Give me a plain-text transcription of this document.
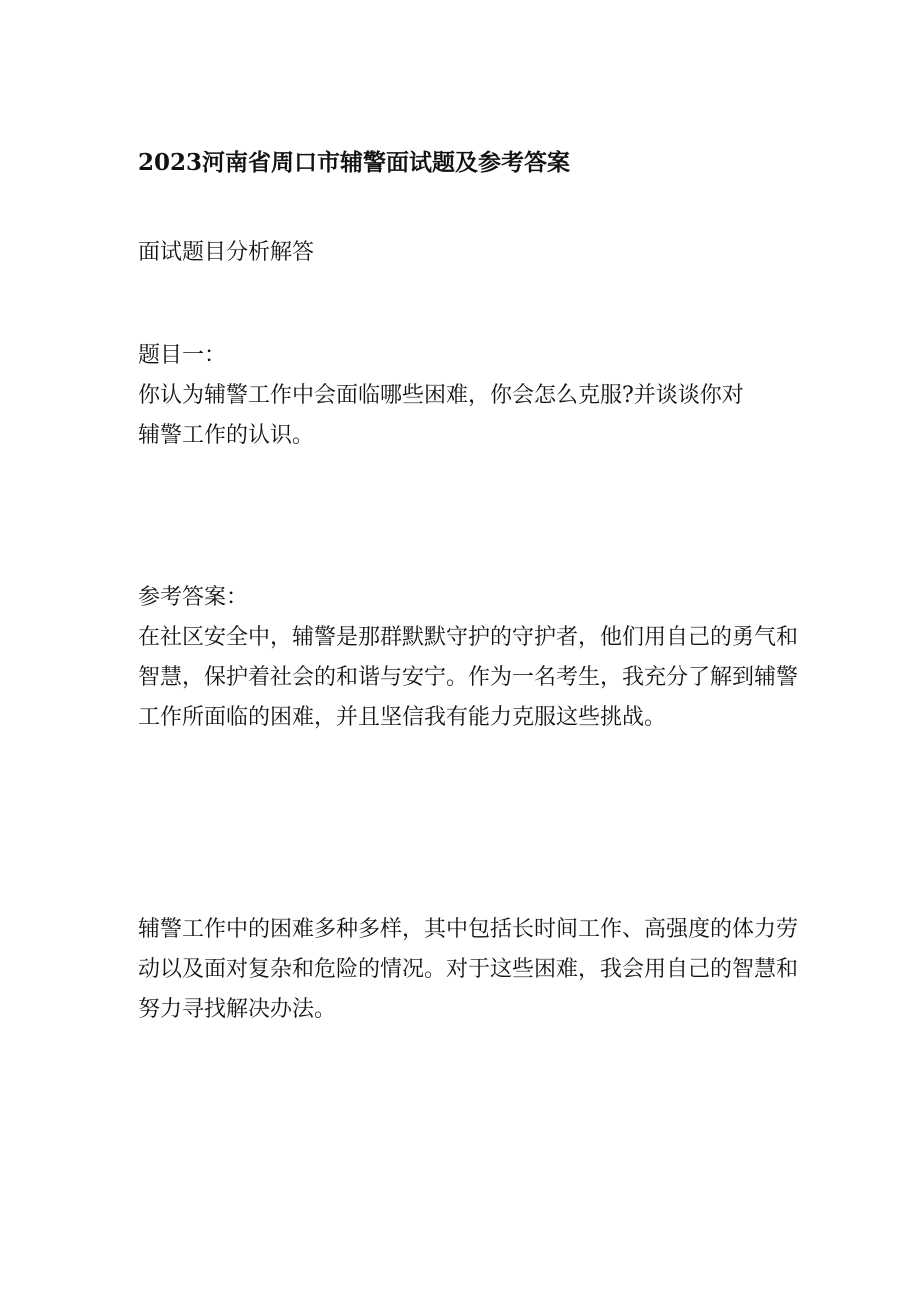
2023河南省周口市辅警面试题及参考答案
面试题目分析解答
题目一：
你认为辅警工作中会面临哪些困难，你会怎么克服?并谈谈你对
辅警工作的认识。
参考答案：
在社区安全中，辅警是那群默默守护的守护者，他们用自己的勇气和
智慧，保护着社会的和谐与安宁。作为一名考生，我充分了解到辅警
工作所面临的困难，并且坚信我有能力克服这些挑战。
辅警工作中的困难多种多样，其中包括长时间工作、高强度的体力劳
动以及面对复杂和危险的情况。对于这些困难，我会用自己的智慧和
努力寻找解决办法。
